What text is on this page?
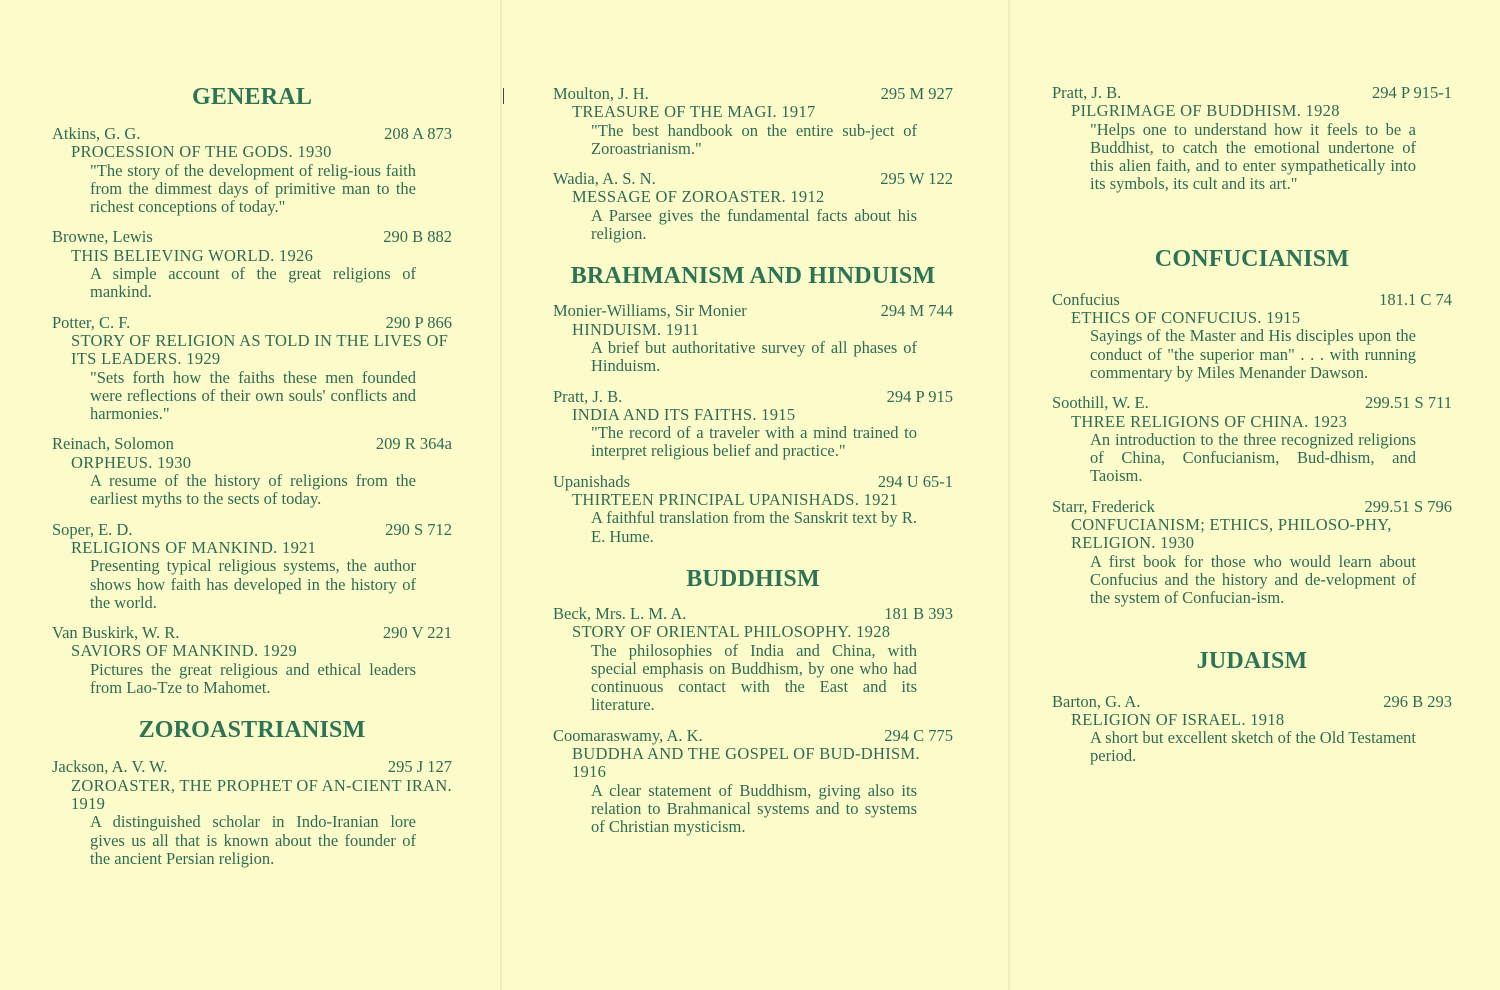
GENERAL
Atkins, G. G.	208 A 873
PROCESSION OF THE GODS. 1930
"The story of the development of relig-ious faith from the dimmest days of primitive man to the richest conceptions of today."
Browne, Lewis	290 B 882
THIS BELIEVING WORLD. 1926
A simple account of the great religions of mankind.
Potter, C. F.	290 P 866
STORY OF RELIGION AS TOLD IN THE LIVES OF ITS LEADERS. 1929
"Sets forth how the faiths these men founded were reflections of their own souls' conflicts and harmonies."
Reinach, Solomon	209 R 364a
ORPHEUS. 1930
A resume of the history of religions from the earliest myths to the sects of today.
Soper, E. D.	290 S 712
RELIGIONS OF MANKIND. 1921
Presenting typical religious systems, the author shows how faith has developed in the history of the world.
Van Buskirk, W. R.	290 V 221
SAVIORS OF MANKIND. 1929
Pictures the great religious and ethical leaders from Lao-Tze to Mahomet.
ZOROASTRIANISM
Jackson, A. V. W.	295 J 127
ZOROASTER, THE PROPHET OF AN-CIENT IRAN. 1919
A distinguished scholar in Indo-Iranian lore gives us all that is known about the founder of the ancient Persian religion.
Moulton, J. H.	295 M 927
TREASURE OF THE MAGI. 1917
"The best handbook on the entire sub-ject of Zoroastrianism."
Wadia, A. S. N.	295 W 122
MESSAGE OF ZOROASTER. 1912
A Parsee gives the fundamental facts about his religion.
BRAHMANISM AND HINDUISM
Monier-Williams, Sir Monier	294 M 744
HINDUISM. 1911
A brief but authoritative survey of all phases of Hinduism.
Pratt, J. B.	294 P 915
INDIA AND ITS FAITHS. 1915
"The record of a traveler with a mind trained to interpret religious belief and practice."
Upanishads	294 U 65-1
THIRTEEN PRINCIPAL UPANISHADS. 1921
A faithful translation from the Sanskrit text by R. E. Hume.
BUDDHISM
Beck, Mrs. L. M. A.	181 B 393
STORY OF ORIENTAL PHILOSOPHY. 1928
The philosophies of India and China, with special emphasis on Buddhism, by one who had continuous contact with the East and its literature.
Coomaraswamy, A. K.	294 C 775
BUDDHA AND THE GOSPEL OF BUD-DHISM. 1916
A clear statement of Buddhism, giving also its relation to Brahmanical systems and to systems of Christian mysticism.
Pratt, J. B.	294 P 915-1
PILGRIMAGE OF BUDDHISM. 1928
"Helps one to understand how it feels to be a Buddhist, to catch the emotional undertone of this alien faith, and to enter sympathetically into its symbols, its cult and its art."
CONFUCIANISM
Confucius	181.1 C 74
ETHICS OF CONFUCIUS. 1915
Sayings of the Master and His disciples upon the conduct of "the superior man" . . . with running commentary by Miles Menander Dawson.
Soothill, W. E.	299.51 S 711
THREE RELIGIONS OF CHINA. 1923
An introduction to the three recognized religions of China, Confucianism, Bud-dhism, and Taoism.
Starr, Frederick	299.51 S 796
CONFUCIANISM; ETHICS, PHILOSO-PHY, RELIGION. 1930
A first book for those who would learn about Confucius and the history and de-velopment of the system of Confucian-ism.
JUDAISM
Barton, G. A.	296 B 293
RELIGION OF ISRAEL. 1918
A short but excellent sketch of the Old Testament period.
